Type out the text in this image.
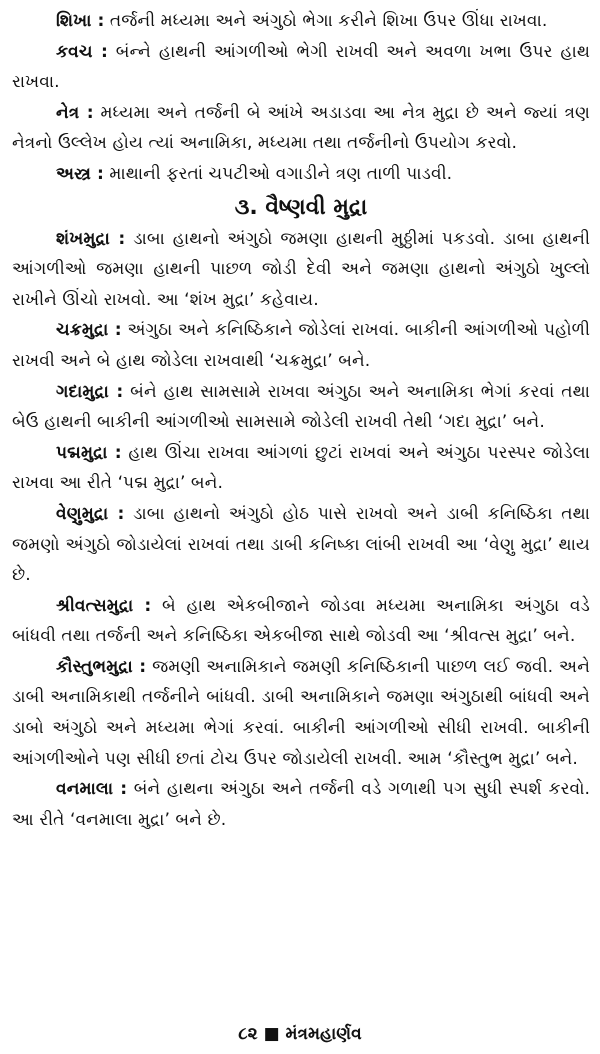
શિખા : તર્જની મધ્યમા અને અંગુઠો ભેગા કરીને શિખા ઉપર ઊંધા રાખવા.

કવચ : બંન્ને હાથની આંગળીઓ ભેગી રાખવી અને અવળા ખભા ઉપર હાથ રાખવા.

નેત્ર : મધ્યમા અને તર્જની બે આંખે અડાડવા આ નેત્ર મુદ્રા છે અને જ્યાં ત્રણ નેત્રનો ઉલ્લેખ હોય ત્યાં અનામિકા, મધ્યમા તથા તર્જનીનો ઉપયોગ કરવો.

અસ્ત્ર : માથાની ફરતાં ચપટીઓ વગાડીને ત્રણ તાળી પાડવી.

૩. વૈષ્ણવી મુદ્રા

શંખમુદ્રા : ડાબા હાથનો અંગુઠો જમણા હાથની મુઠ્ઠીમાં પકડવો. ડાબા હાથની આંગળીઓ જમણા હાથની પાછળ જોડી દેવી અને જમણા હાથનો અંગુઠો ખુલ્લો રાખીને ઊંચો રાખવો. આ ‘શંખ મુદ્રા’ કહેવાય.

ચક્રમુદ્રા : અંગુઠા અને કનિષ્ઠિકાને જોડેલાં રાખવાં. બાકીની આંગળીઓ પહોળી રાખવી અને બે હાથ જોડેલા રાખવાથી ‘ચક્રમુદ્રા’ બને.

ગદામુદ્રા : બંને હાથ સામસામે રાખવા અંગુઠા અને અનામિકા ભેગાં કરવાં તથા બેઉ હાથની બાકીની આંગળીઓ સામસામે જોડેલી રાખવી તેથી ‘ગદા મુદ્રા’ બને.

પદ્મમુદ્રા : હાથ ઊંચા રાખવા આંગળાં છુટાં રાખવાં અને અંગુઠા પરસ્પર જોડેલા રાખવા આ રીતે ‘પદ્મ મુદ્રા’ બને.

વેણુમુદ્રા : ડાબા હાથનો અંગુઠો હોઠ પાસે રાખવો અને ડાબી કનિષ્ઠિકા તથા જમણો અંગુઠો જોડાયેલાં રાખવાં તથા ડાબી કનિષ્કા લાંબી રાખવી આ ‘વેણુ મુદ્રા’ થાય છે.

શ્રીવત્સમુદ્રા : બે હાથ એકબીજાને જોડવા મધ્યમા અનામિકા અંગુઠા વડે બાંધવી તથા તર્જની અને કનિષ્ઠિકા એકબીજા સાથે જોડવી આ ‘શ્રીવત્સ મુદ્રા’ બને.

કૌસ્તુભમુદ્રા : જમણી અનામિકાને જમણી કનિષ્ઠિકાની પાછળ લઈ જવી. અને ડાબી અનામિકાથી તર્જનીને બાંધવી. ડાબી અનામિકાને જમણા અંગુઠાથી બાંધવી અને ડાબો અંગુઠો અને મધ્યમા ભેગાં કરવાં. બાકીની આંગળીઓ સીધી રાખવી. બાકીની આંગળીઓને પણ સીધી છતાં ટોચ ઉપર જોડાયેલી રાખવી. આમ ‘કૌસ્તુભ મુદ્રા’ બને.

વનમાલા : બંને હાથના અંગુઠા અને તર્જની વડે ગળાથી પગ સુધી સ્પર્શ કરવો. આ રીતે ‘વનમાલા મુદ્રા’ બને છે.

૮૨ ■ મંત્રમહાર્ણવ
